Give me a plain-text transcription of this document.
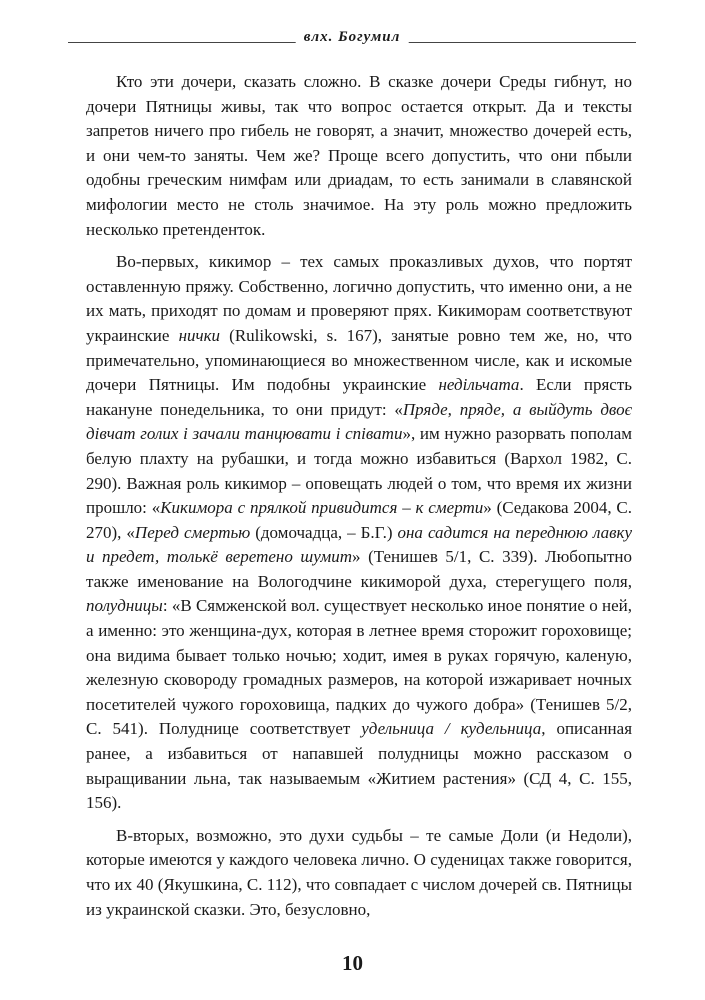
влх. Богумил

Кто эти дочери, сказать сложно. В сказке дочери Среды гибнут, но дочери Пятницы живы, так что вопрос остается открыт. Да и тексты запретов ничего про гибель не говорят, а значит, множество дочерей есть, и они чем-то заняты. Чем же? Проще всего допустить, что они пбыли одобны греческим нимфам или дриадам, то есть занимали в славянской мифологии место не столь значимое. На эту роль можно предложить несколько претенденток.

Во-первых, кикимор – тех самых проказливых духов, что портят оставленную пряжу. Собственно, логично допустить, что именно они, а не их мать, приходят по домам и проверяют прях. Кикиморам соответствуют украинские нички (Rulikowski, s. 167), занятые ровно тем же, но, что примечательно, упоминающиеся во множественном числе, как и искомые дочери Пятницы. Им подобны украинские недільчата. Если прясть накануне понедельника, то они придут: «Пряде, пряде, а выйдуть двоє дівчат голих і зачали танцювати і співати», им нужно разорвать пополам белую плахту на рубашки, и тогда можно избавиться (Вархол 1982, С. 290). Важная роль кикимор – оповещать людей о том, что время их жизни прошло: «Кикимора с прялкой привидится – к смерти» (Седакова 2004, С. 270), «Перед смертью (домочадца, – Б.Г.) она садится на переднюю лавку и предет, толькё веретено шумит» (Тенишев 5/1, С. 339). Любопытно также именование на Вологодчине кикиморой духа, стерегущего поля, полудницы: «В Сямженской вол. существует несколько иное понятие о ней, а именно: это женщина-дух, которая в летнее время сторожит гороховище; она видима бывает только ночью; ходит, имея в руках горячую, каленую, железную сковороду громадных размеров, на которой изжаривает ночных посетителей чужого гороховища, падких до чужого добра» (Тенишев 5/2, С. 541). Полуднице соответствует удельница / кудельница, описанная ранее, а избавиться от напавшей полудницы можно рассказом о выращивании льна, так называемым «Житием растения» (СД 4, С. 155, 156).

В-вторых, возможно, это духи судьбы – те самые Доли (и Недоли), которые имеются у каждого человека лично. О судeницах также говорится, что их 40 (Якушкина, С. 112), что совпадает с числом дочерей св. Пятницы из украинской сказки. Это, безусловно,

10
